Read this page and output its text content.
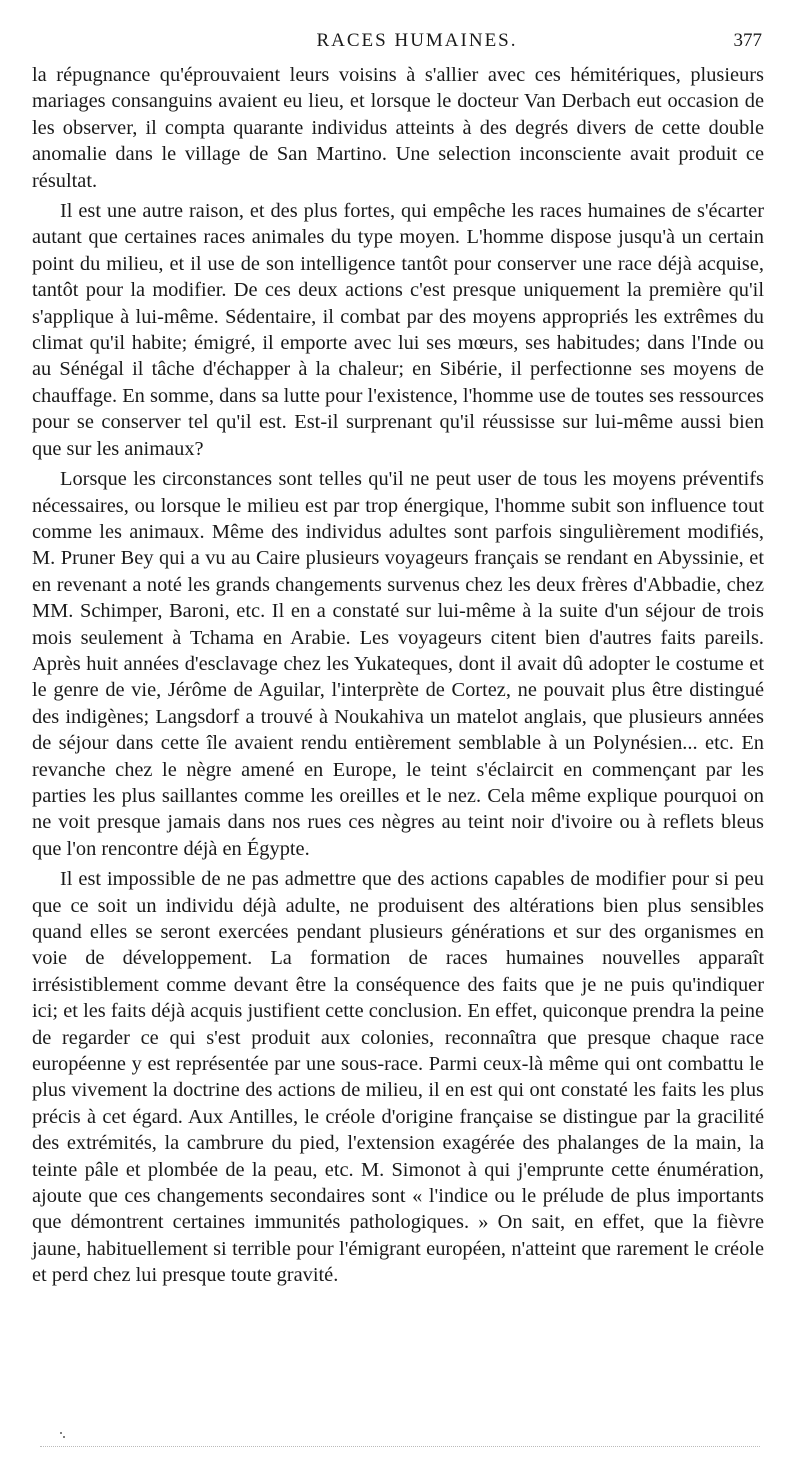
RACES HUMAINES.	377

la répugnance qu'éprouvaient leurs voisins à s'allier avec ces hémitériques, plusieurs mariages consanguins avaient eu lieu, et lorsque le docteur Van Derbach eut occasion de les observer, il compta quarante individus atteints à des degrés divers de cette double anomalie dans le village de San Martino. Une selection inconsciente avait produit ce résultat.

Il est une autre raison, et des plus fortes, qui empêche les races humaines de s'écarter autant que certaines races animales du type moyen. L'homme dispose jusqu'à un certain point du milieu, et il use de son intelligence tantôt pour conserver une race déjà acquise, tantôt pour la modifier. De ces deux actions c'est presque uniquement la première qu'il s'applique à lui-même. Sédentaire, il combat par des moyens appropriés les extrêmes du climat qu'il habite; émigré, il emporte avec lui ses mœurs, ses habitudes; dans l'Inde ou au Sénégal il tâche d'échapper à la chaleur; en Sibérie, il perfectionne ses moyens de chauffage. En somme, dans sa lutte pour l'existence, l'homme use de toutes ses ressources pour se conserver tel qu'il est. Est-il surprenant qu'il réussisse sur lui-même aussi bien que sur les animaux?

Lorsque les circonstances sont telles qu'il ne peut user de tous les moyens préventifs nécessaires, ou lorsque le milieu est par trop énergique, l'homme subit son influence tout comme les animaux. Même des individus adultes sont parfois singulièrement modifiés, M. Pruner Bey qui a vu au Caire plusieurs voyageurs français se rendant en Abyssinie, et en revenant a noté les grands changements survenus chez les deux frères d'Abbadie, chez MM. Schimper, Baroni, etc. Il en a constaté sur lui-même à la suite d'un séjour de trois mois seulement à Tchama en Arabie. Les voyageurs citent bien d'autres faits pareils. Après huit années d'esclavage chez les Yukateques, dont il avait dû adopter le costume et le genre de vie, Jérôme de Aguilar, l'interprète de Cortez, ne pouvait plus être distingué des indigènes; Langsdorf a trouvé à Noukahiva un matelot anglais, que plusieurs années de séjour dans cette île avaient rendu entièrement semblable à un Polynésien... etc. En revanche chez le nègre amené en Europe, le teint s'éclaircit en commençant par les parties les plus saillantes comme les oreilles et le nez. Cela même explique pourquoi on ne voit presque jamais dans nos rues ces nègres au teint noir d'ivoire ou à reflets bleus que l'on rencontre déjà en Égypte.

Il est impossible de ne pas admettre que des actions capables de modifier pour si peu que ce soit un individu déjà adulte, ne produisent des altérations bien plus sensibles quand elles se seront exercées pendant plusieurs générations et sur des organismes en voie de développement. La formation de races humaines nouvelles apparaît irrésistiblement comme devant être la conséquence des faits que je ne puis qu'indiquer ici; et les faits déjà acquis justifient cette conclusion. En effet, quiconque prendra la peine de regarder ce qui s'est produit aux colonies, reconnaîtra que presque chaque race européenne y est représentée par une sous-race. Parmi ceux-là même qui ont combattu le plus vivement la doctrine des actions de milieu, il en est qui ont constaté les faits les plus précis à cet égard. Aux Antilles, le créole d'origine française se distingue par la gracilité des extrémités, la cambrure du pied, l'extension exagérée des phalanges de la main, la teinte pâle et plombée de la peau, etc. M. Simonot à qui j'emprunte cette énumération, ajoute que ces changements secondaires sont « l'indice ou le prélude de plus importants que démontrent certaines immunités pathologiques. » On sait, en effet, que la fièvre jaune, habituellement si terrible pour l'émigrant européen, n'atteint que rarement le créole et perd chez lui presque toute gravité.
